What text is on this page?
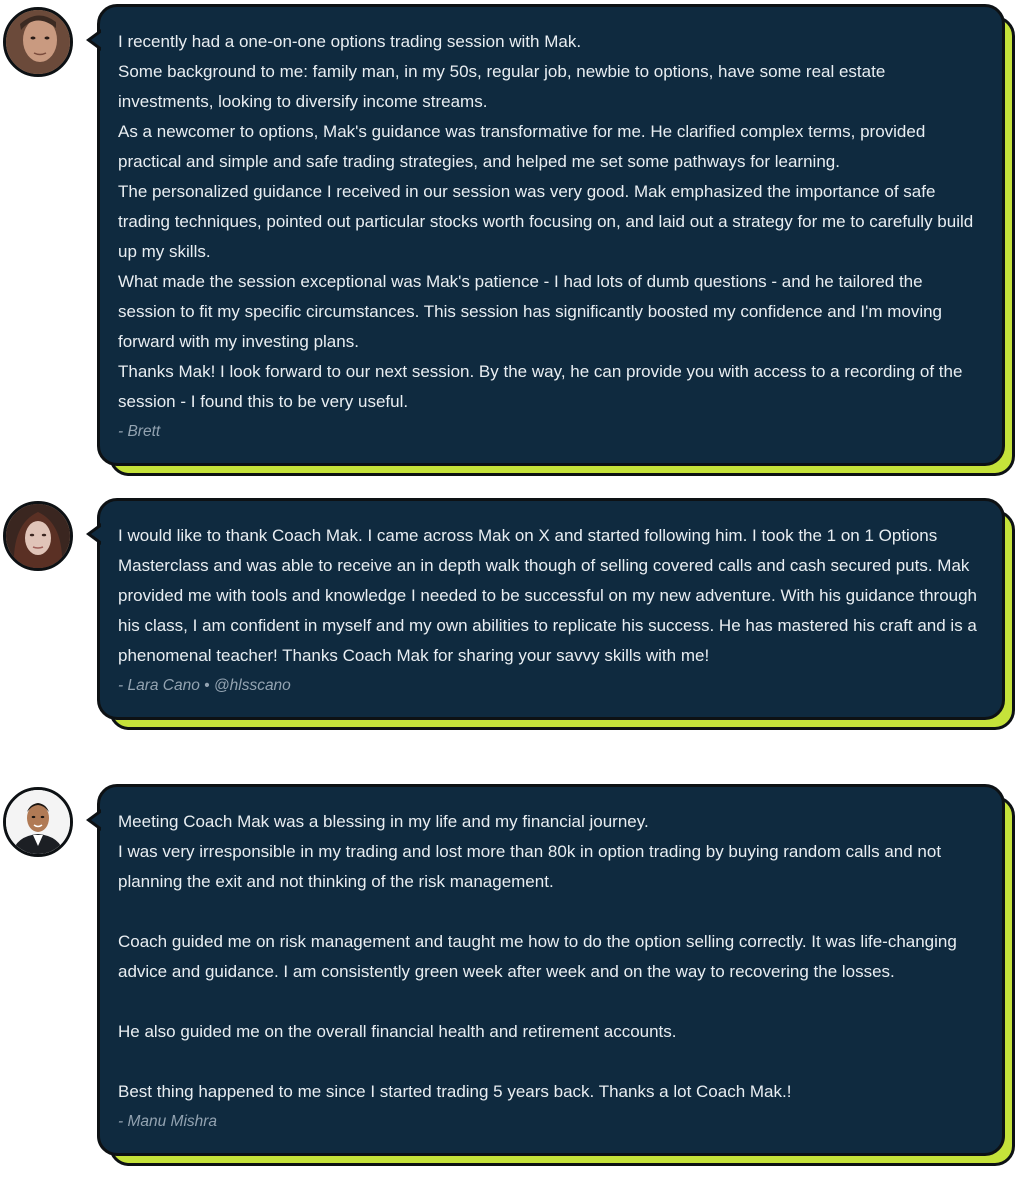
I recently had a one-on-one options trading session with Mak.

Some background to me: family man, in my 50s, regular job, newbie to options, have some real estate investments, looking to diversify income streams.

As a newcomer to options, Mak's guidance was transformative for me. He clarified complex terms, provided practical and simple and safe trading strategies, and helped me set some pathways for learning.

The personalized guidance I received in our session was very good. Mak emphasized the importance of safe trading techniques, pointed out particular stocks worth focusing on, and laid out a strategy for me to carefully build up my skills.

What made the session exceptional was Mak's patience - I had lots of dumb questions - and he tailored the session to fit my specific circumstances. This session has significantly boosted my confidence and I'm moving forward with my investing plans.

Thanks Mak! I look forward to our next session. By the way, he can provide you with access to a recording of the session - I found this to be very useful.

- Brett

I would like to thank Coach Mak. I came across Mak on X and started following him. I took the 1 on 1 Options Masterclass and was able to receive an in depth walk though of selling covered calls and cash secured puts. Mak provided me with tools and knowledge I needed to be successful on my new adventure. With his guidance through his class, I am confident in myself and my own abilities to replicate his success. He has mastered his craft and is a phenomenal teacher! Thanks Coach Mak for sharing your savvy skills with me!

- Lara Cano • @hlsscano

Meeting Coach Mak was a blessing in my life and my financial journey.

I was very irresponsible in my trading and lost more than 80k in option trading by buying random calls and not planning the exit and not thinking of the risk management.

Coach guided me on risk management and taught me how to do the option selling correctly. It was life-changing advice and guidance. I am consistently green week after week and on the way to recovering the losses.

He also guided me on the overall financial health and retirement accounts.

Best thing happened to me since I started trading 5 years back. Thanks a lot Coach Mak.!

- Manu Mishra
